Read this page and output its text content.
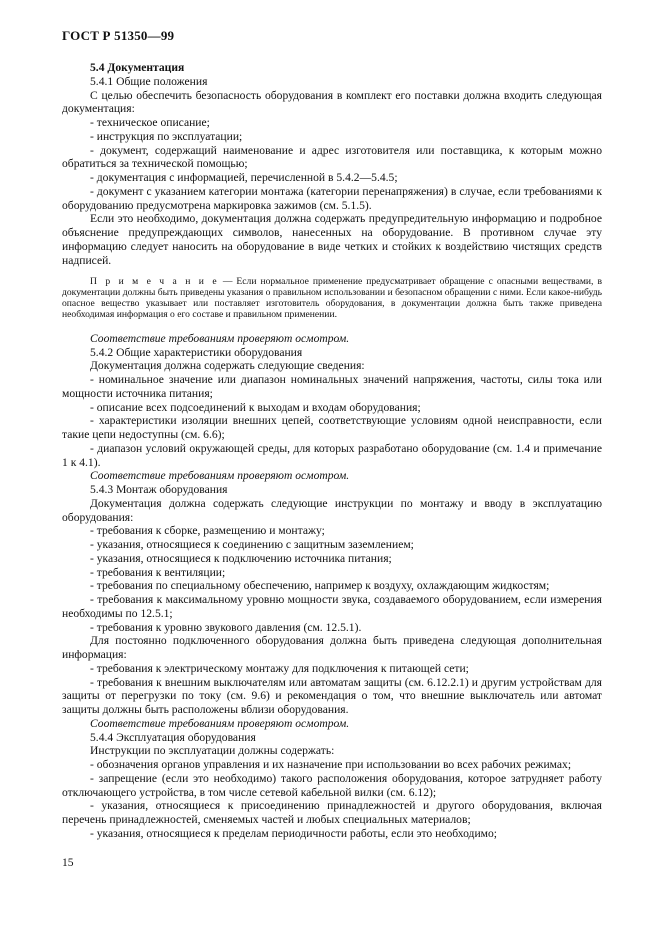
ГОСТ Р 51350—99

5.4 Документация

5.4.1 Общие положения

С целью обеспечить безопасность оборудования в комплект его поставки должна входить следующая документация:

- техническое описание;

- инструкция по эксплуатации;

- документ, содержащий наименование и адрес изготовителя или поставщика, к которым можно обратиться за технической помощью;

- документация с информацией, перечисленной в 5.4.2—5.4.5;

- документ с указанием категории монтажа (категории перенапряжения) в случае, если требованиями к оборудованию предусмотрена маркировка зажимов (см. 5.1.5).

Если это необходимо, документация должна содержать предупредительную информацию и подробное объяснение предупреждающих символов, нанесенных на оборудование. В противном случае эту информацию следует наносить на оборудование в виде четких и стойких к воздействию чистящих средств надписей.

П р и м е ч а н и е — Если нормальное применение предусматривает обращение с опасными веществами, в документации должны быть приведены указания о правильном использовании и безопасном обращении с ними. Если какое-нибудь опасное вещество указывает или поставляет изготовитель оборудования, в документации должна быть также приведена необходимая информация о его составе и правильном применении.

Соответствие требованиям проверяют осмотром.

5.4.2 Общие характеристики оборудования

Документация должна содержать следующие сведения:

- номинальное значение или диапазон номинальных значений напряжения, частоты, силы тока или мощности источника питания;

- описание всех подсоединений к выходам и входам оборудования;

- характеристики изоляции внешних цепей, соответствующие условиям одной неисправности, если такие цепи недоступны (см. 6.6);

- диапазон условий окружающей среды, для которых разработано оборудование (см. 1.4 и примечание 1 к 4.1).

Соответствие требованиям проверяют осмотром.

5.4.3 Монтаж оборудования

Документация должна содержать следующие инструкции по монтажу и вводу в эксплуатацию оборудования:

- требования к сборке, размещению и монтажу;

- указания, относящиеся к соединению с защитным заземлением;

- указания, относящиеся к подключению источника питания;

- требования к вентиляции;

- требования по специальному обеспечению, например к воздуху, охлаждающим жидкостям;

- требования к максимальному уровню мощности звука, создаваемого оборудованием, если измерения необходимы по 12.5.1;

- требования к уровню звукового давления (см. 12.5.1).

Для постоянно подключенного оборудования должна быть приведена следующая дополнительная информация:

- требования к электрическому монтажу для подключения к питающей сети;

- требования к внешним выключателям или автоматам защиты (см. 6.12.2.1) и другим устройствам для защиты от перегрузки по току (см. 9.6) и рекомендация о том, что внешние выключатель или автомат защиты должны быть расположены вблизи оборудования.

Соответствие требованиям проверяют осмотром.

5.4.4 Эксплуатация оборудования

Инструкции по эксплуатации должны содержать:

- обозначения органов управления и их назначение при использовании во всех рабочих режимах;

- запрещение (если это необходимо) такого расположения оборудования, которое затрудняет работу отключающего устройства, в том числе сетевой кабельной вилки (см. 6.12);

- указания, относящиеся к присоединению принадлежностей и другого оборудования, включая перечень принадлежностей, сменяемых частей и любых специальных материалов;

- указания, относящиеся к пределам периодичности работы, если это необходимо;

15
